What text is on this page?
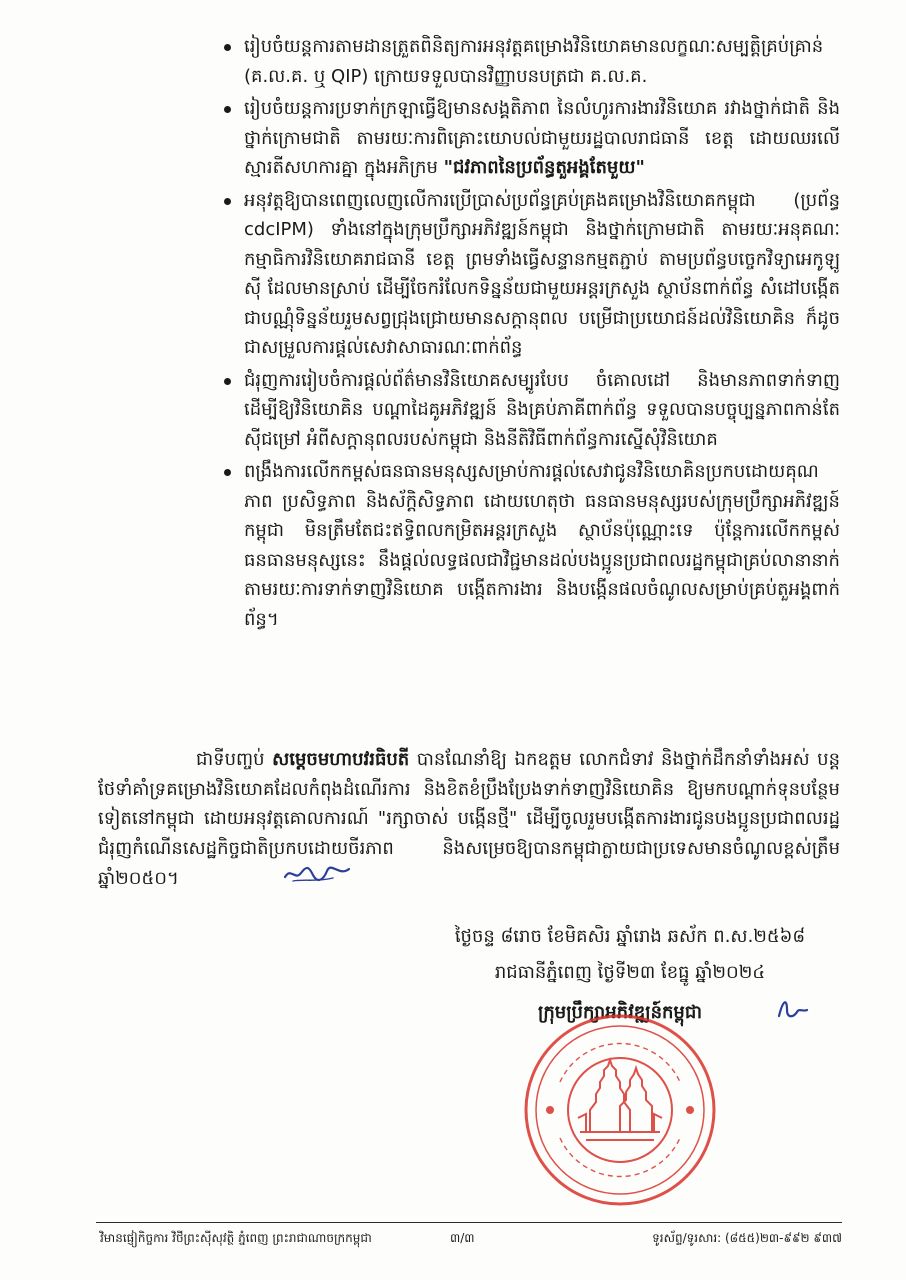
រៀបចំយន្តការតាមដានត្រួតពិនិត្យការអនុវត្តគម្រោងវិនិយោគមានលក្ខណៈសម្បត្តិគ្រប់គ្រាន់ (គ.ល.គ. ឬ QIP) ក្រោយទទួលបានវិញ្ញាបនបត្រជា គ.ល.គ.
រៀបចំយន្តការប្រទាក់ក្រឡាធ្វើឱ្យមានសង្គតិភាព នៃលំហូរការងារវិនិយោគ រវាងថ្នាក់ជាតិ និងថ្នាក់ក្រោមជាតិ តាមរយៈការពិគ្រោះយោបល់ជាមួយរដ្ឋបាលរាជធានី ខេត្ត ដោយឈរលើស្មារតីសហការគ្នា ក្នុងអភិក្រម "ជវភាពនៃប្រព័ន្ធតួអង្គតែមួយ"
អនុវត្តឱ្យបានពេញលេញលើការប្រើប្រាស់ប្រព័ន្ធគ្រប់គ្រងគម្រោងវិនិយោគកម្ពុជា (ប្រព័ន្ធ cdcIPM) ទាំងនៅក្នុងក្រុមប្រឹក្សាអភិវឌ្ឍន៍កម្ពុជា និងថ្នាក់ក្រោមជាតិ តាមរយៈអនុគណៈកម្មាធិការវិនិយោគរាជធានី ខេត្ត ព្រមទាំងធ្វើសន្ទានកម្មតភ្ជាប់ តាមប្រព័ន្ធបច្ចេកវិទ្យាអេកូឡូស៊ី ដែលមានស្រាប់ ដើម្បីចែករំលែកទិន្នន័យជាមួយអន្តរក្រសួង ស្ថាប័នពាក់ព័ន្ធ សំដៅបង្កើតជាបណ្ណុំទិន្នន័យរួមសព្វជ្រុងជ្រោយមានសក្តានុពល បម្រើជាប្រយោជន៍ដល់វិនិយោគិន ក៏ដូចជាសម្រួលការផ្តល់សេវាសាធារណៈពាក់ព័ន្ធ
ជំរុញការរៀបចំការផ្តល់ព័ត៌មានវិនិយោគសម្បូរបែប ចំគោលដៅ និងមានភាពទាក់ទាញ ដើម្បីឱ្យវិនិយោគិន បណ្តាដៃគូអភិវឌ្ឍន៍ និងគ្រប់ភាគីពាក់ព័ន្ធ ទទួលបានបច្ចុប្បន្នភាពកាន់តែស៊ីជម្រៅ អំពីសក្តានុពលរបស់កម្ពុជា និងនីតិវិធីពាក់ព័ន្ធការស្នើសុំវិនិយោគ
ពង្រឹងការលើកកម្ពស់ធនធានមនុស្សសម្រាប់ការផ្តល់សេវាជូនវិនិយោគិនប្រកបដោយគុណភាព ប្រសិទ្ធភាព និងស័ក្តិសិទ្ធភាព ដោយហេតុថា ធនធានមនុស្សរបស់ក្រុមប្រឹក្សាអភិវឌ្ឍន៍កម្ពុជា មិនត្រឹមតែជះឥទ្ធិពលកម្រិតអន្តរក្រសួង ស្ថាប័នប៉ុណ្ណោះទេ ប៉ុន្តែការលើកកម្ពស់ធនធានមនុស្សនេះ នឹងផ្តល់លទ្ធផលជាវិជ្ជមានដល់បងប្អូនប្រជាពលរដ្ឋកម្ពុជាគ្រប់លានានាក់ តាមរយៈការទាក់ទាញវិនិយោគ បង្កើតការងារ និងបង្កើនផលចំណូលសម្រាប់គ្រប់តួអង្គពាក់ព័ន្ធ។

ជាទីបញ្ចប់ សម្តេចមហាបវរធិបតី បានណែនាំឱ្យ ឯកឧត្តម លោកជំទាវ និងថ្នាក់ដឹកនាំទាំងអស់ បន្តថែទាំគាំទ្រគម្រោងវិនិយោគដែលកំពុងដំណើរការ និងខិតខំប្រឹងប្រែងទាក់ទាញវិនិយោគិន ឱ្យមកបណ្តាក់ទុនបន្ថែមទៀតនៅកម្ពុជា ដោយអនុវត្តគោលការណ៍ "រក្សាចាស់ បង្កើនថ្មី" ដើម្បីចូលរួមបង្កើតការងារជូនបងប្អូនប្រជាពលរដ្ឋ ជំរុញកំណើនសេដ្ឋកិច្ចជាតិប្រកបដោយចីរភាព និងសម្រេចឱ្យបានកម្ពុជាក្លាយជាប្រទេសមានចំណូលខ្ពស់ត្រឹមឆ្នាំ២០៥០។

ថ្ងៃចន្ទ ៨រោច ខែមិគសិរ ឆ្នាំរោង ឆស័ក ព.ស.២៥៦៨
រាជធានីភ្នំពេញ ថ្ងៃទី២៣ ខែធ្នូ ឆ្នាំ២០២៤
ក្រុមប្រឹក្សាអភិវឌ្ឍន៍កម្ពុជា
វិមានផ្ញៀកិច្ចការ វិថីព្រះស៊ីសុវត្ថិ ភ្នំពេញ ព្រះរាជាណាចក្រកម្ពុជា	៣/៣	ទូរស័ព្ទ/ទូរសារ: (៨៥៥)២៣-៩៩២ ៩៣៧
